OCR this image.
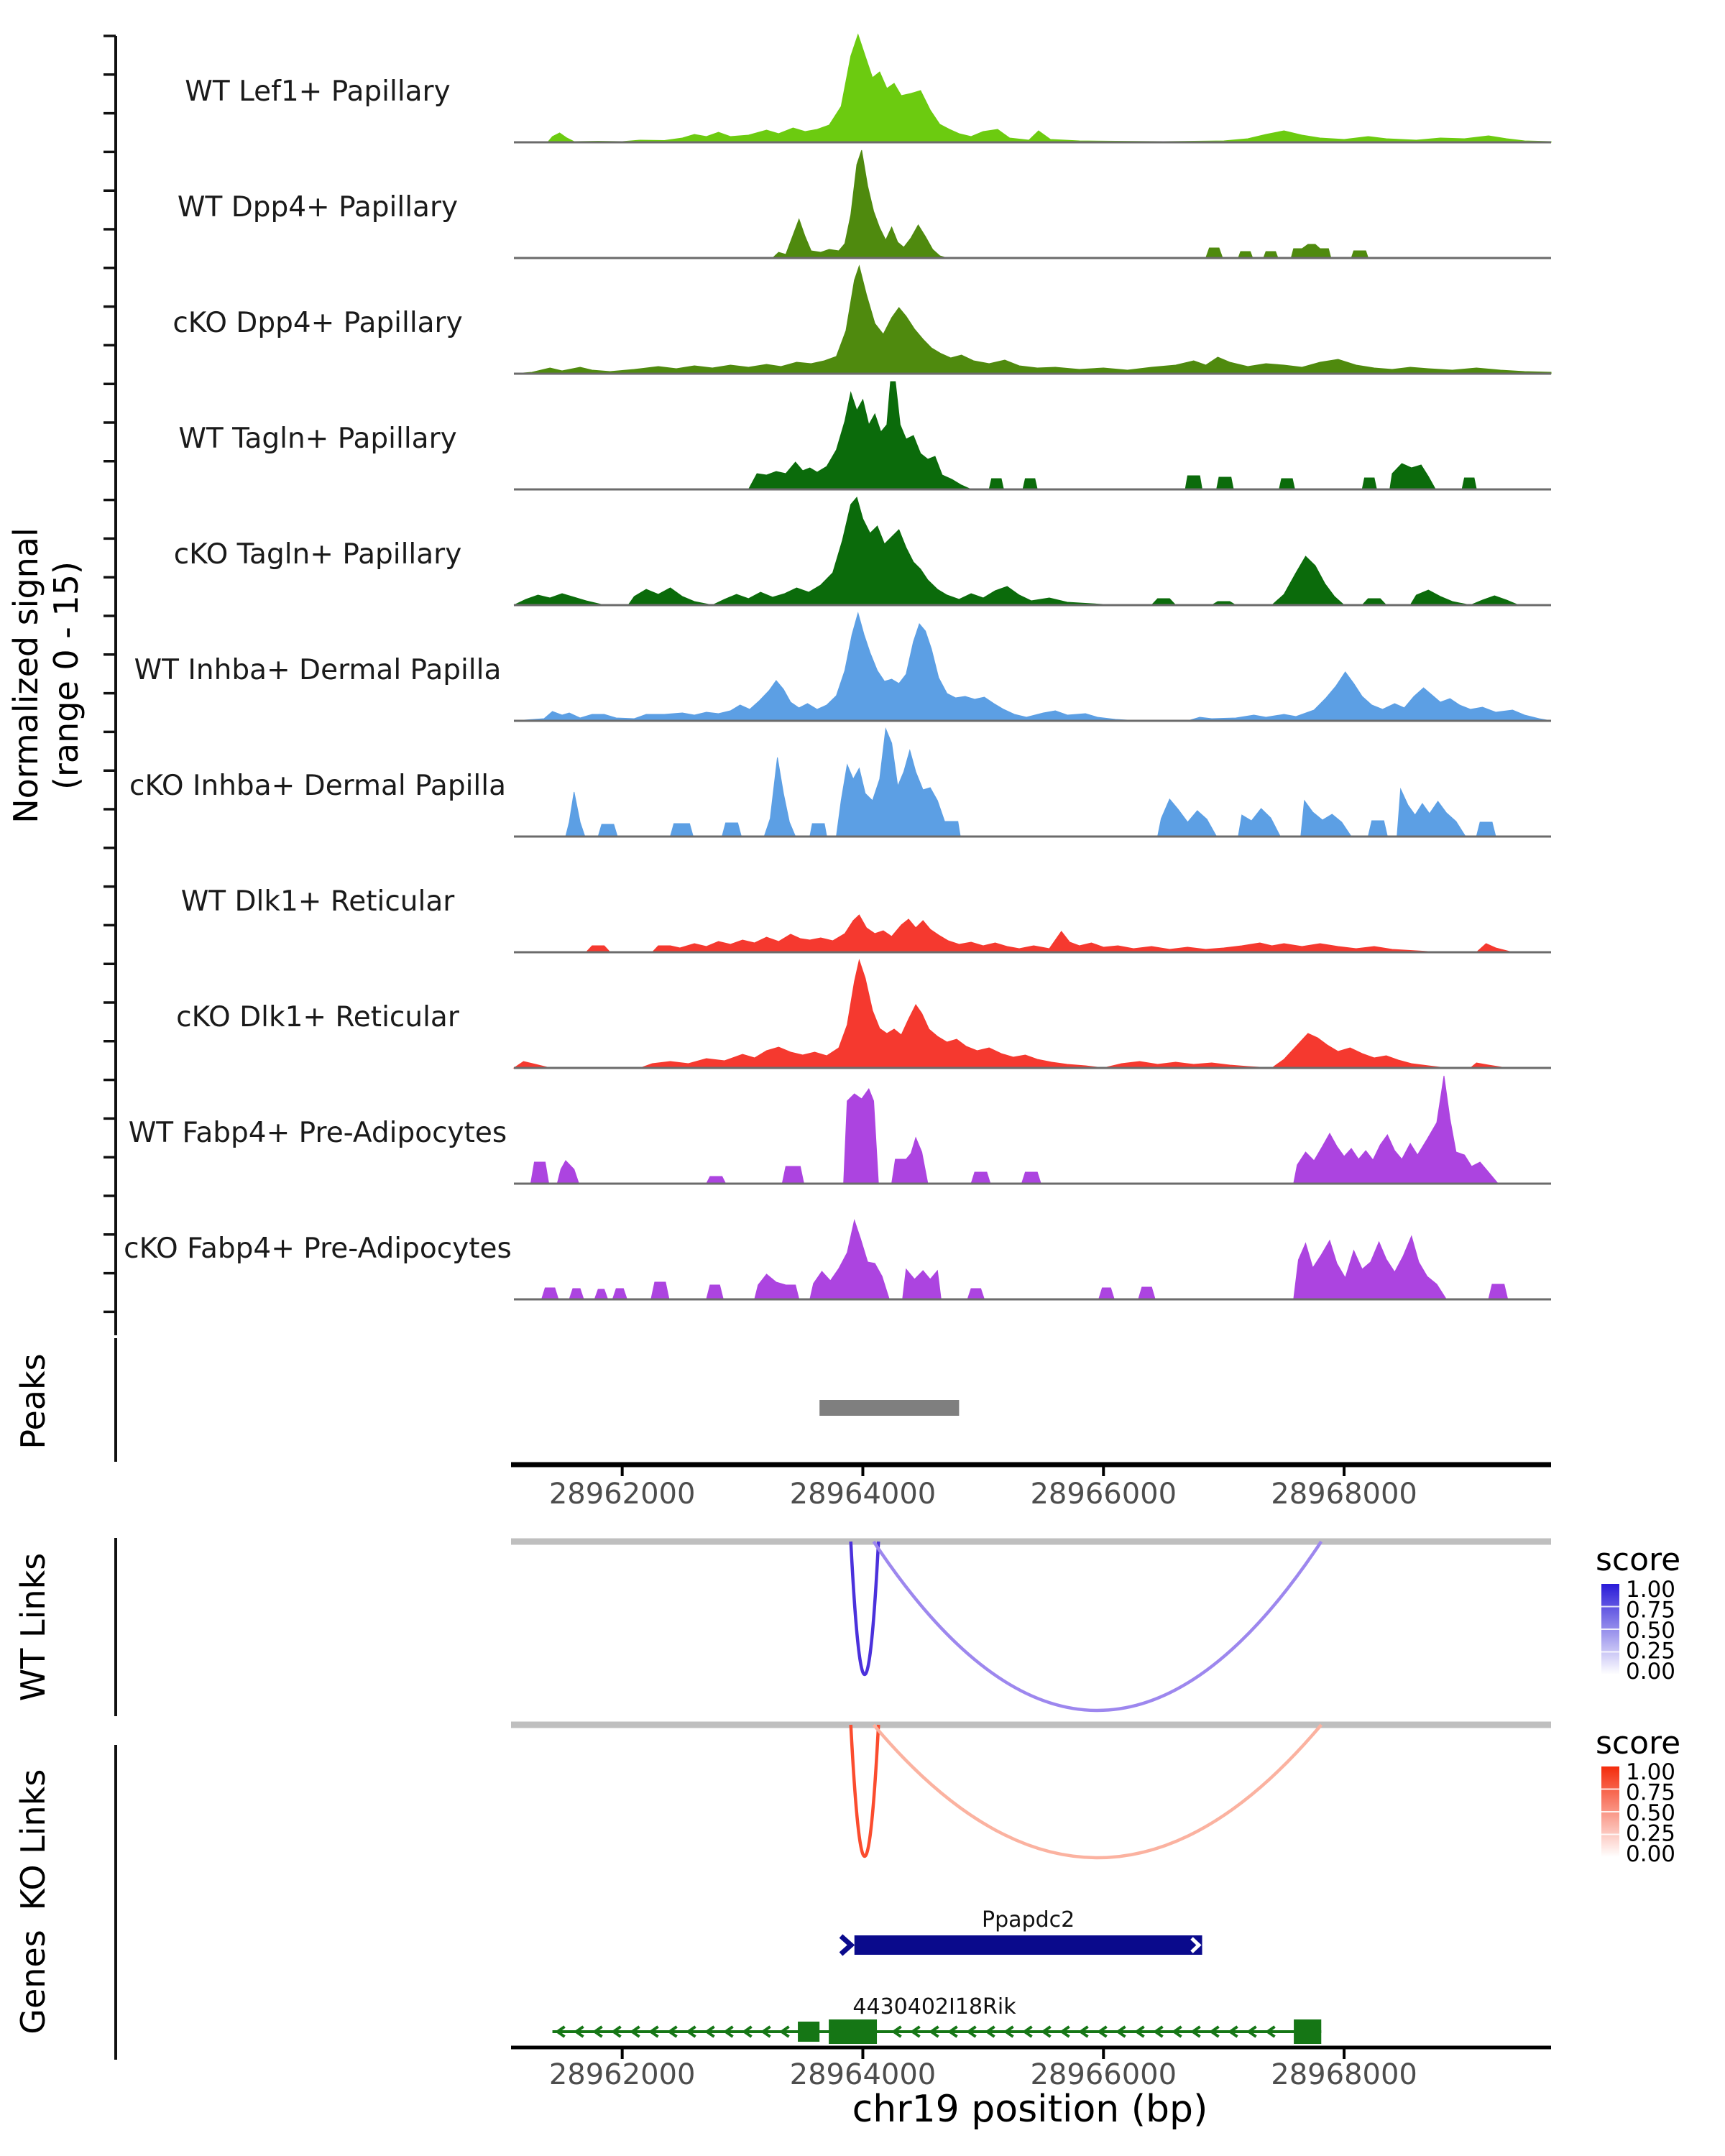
WT Lef1+ Papillary
WT Dpp4+ Papillary
cKO Dpp4+ Papillary
WT Tagln+ Papillary
cKO Tagln+ Papillary
WT Inhba+ Dermal Papilla
cKO Inhba+ Dermal Papilla
WT Dlk1+ Reticular
cKO Dlk1+ Reticular
WT Fabp4+ Pre-Adipocytes
cKO Fabp4+ Pre-Adipocytes
28962000	28964000	28966000	28968000
28962000	28964000	28966000	28968000
1.00
0.75
0.50
0.25
0.00
1.00
0.75
0.50
0.25
0.00
Ppapdc2
4430402I18Rik
Normalized signal (range 0 - 15)
Peaks
WT Links
KO Links
Genes
score
score
chr19 position (bp)
